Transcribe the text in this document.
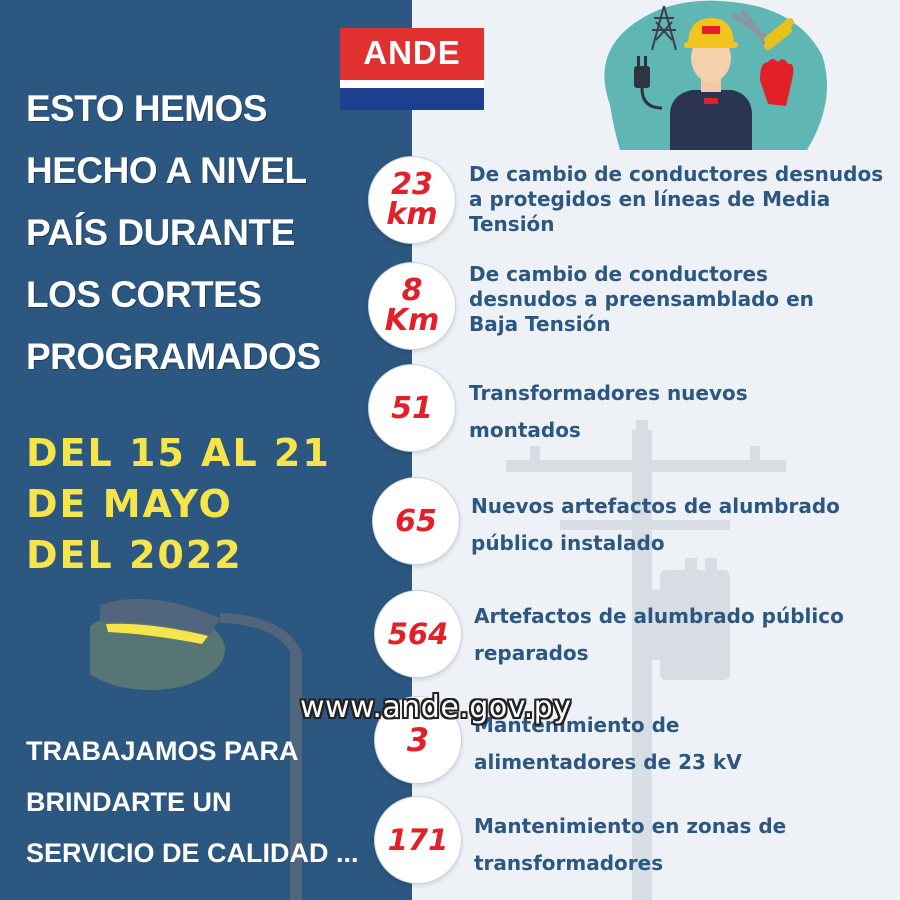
ESTO HEMOS
HECHO A NIVEL
PAÍS DURANTE
LOS CORTES
PROGRAMADOS
DEL 15 AL 21
DE MAYO
DEL 2022
TRABAJAMOS PARA
BRINDARTE UN
SERVICIO DE CALIDAD ...
ANDE
23 km

De cambio de conductores desnudos a protegidos en líneas de Media Tensión

8 Km

De cambio de conductores desnudos a preensamblado en Baja Tensión

51 Transformadores nuevos montados

65 Nuevos artefactos de alumbrado público instalado

564

Artefactos de alumbrado público reparados

3 Mantenimiento de alimentadores de 23 kV

171 Mantenimiento en zonas de transformadores

www.ande.gov.py
